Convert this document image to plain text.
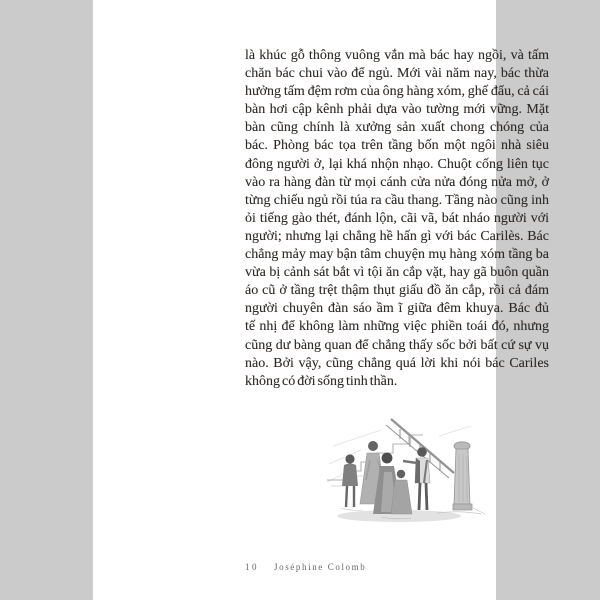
là khúc gỗ thông vuông vắn mà bác hay ngồi, và tấm
chăn bác chui vào để ngủ. Mới vài năm nay, bác thừa
hưởng tấm đệm rơm của ông hàng xóm, ghế đẩu, cả cái
bàn hơi cập kênh phải dựa vào tường mới vững. Mặt
bàn cũng chính là xưởng sản xuất chong chóng của
bác. Phòng bác tọa trên tầng bốn một ngôi nhà siêu
đông người ở, lại khá nhộn nhạo. Chuột cống liên tục
vào ra hàng đàn từ mọi cánh cửa nửa đóng nửa mở, ở
từng chiếu ngủ rồi túa ra cầu thang. Tầng nào cũng inh
ỏi tiếng gào thét, đánh lộn, cãi vã, bát nháo người với
người; nhưng lại chẳng hề hấn gì với bác Carilès. Bác
chẳng mảy may bận tâm chuyện mụ hàng xóm tầng ba
vừa bị cảnh sát bắt vì tội ăn cắp vặt, hay gã buôn quần
áo cũ ở tầng trệt thậm thụt giấu đồ ăn cắp, rồi cả đám
người chuyên đàn sáo ầm ĩ giữa đêm khuya. Bác đủ
tế nhị để không làm những việc phiền toái đó, nhưng
cũng dư bàng quan để chẳng thấy sốc bởi bất cứ sự vụ
nào. Bởi vậy, cũng chẳng quá lời khi nói bác Cariles
không có đời sống tinh thần.
10 Joséphine Colomb
